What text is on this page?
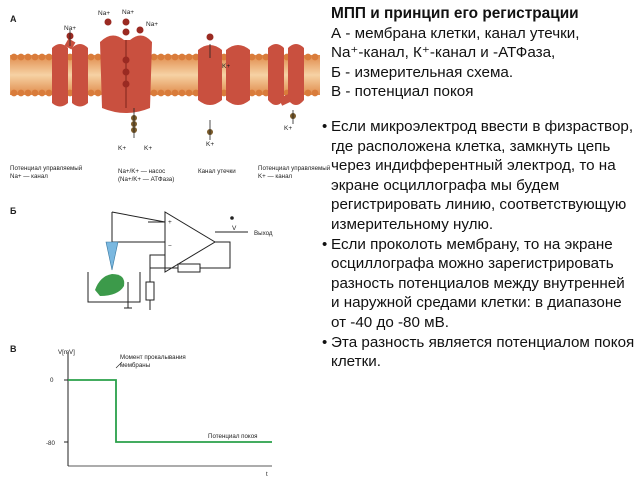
А
Na+
Na+ Na+
Na+
K+
K+	K+
K+
K+
Потенциал управляемый
Na+ — канал
Na+/K+ — насос
(Na+/K+ — АТФаза)
Канал утечки	Потенциал управляемый
K+ — канал
Б
+
−
V
Выход
В	V[mV]
0
-80
Момент прокалывания
мембраны
Потенциал покоя
t

МПП и принцип его регистрации

А - мембрана клетки, канал утечки,

Na⁺-канал, К⁺-канал и -АТФаза,

Б - измерительная схема.

В - потенциал покоя

• Если микроэлектрод ввести в физраствор, где расположена клетка, замкнуть цепь через индифферентный электрод, то на экране осциллографа мы будем регистрировать линию, соответствующую измерительному нулю.
• Если проколоть мембрану, то на экране осциллографа можно зарегистрировать разность потенциалов между внутренней и наружной средами клетки: в диапазоне от -40 до -80 мВ.
• Эта разность является потенциалом покоя клетки.
